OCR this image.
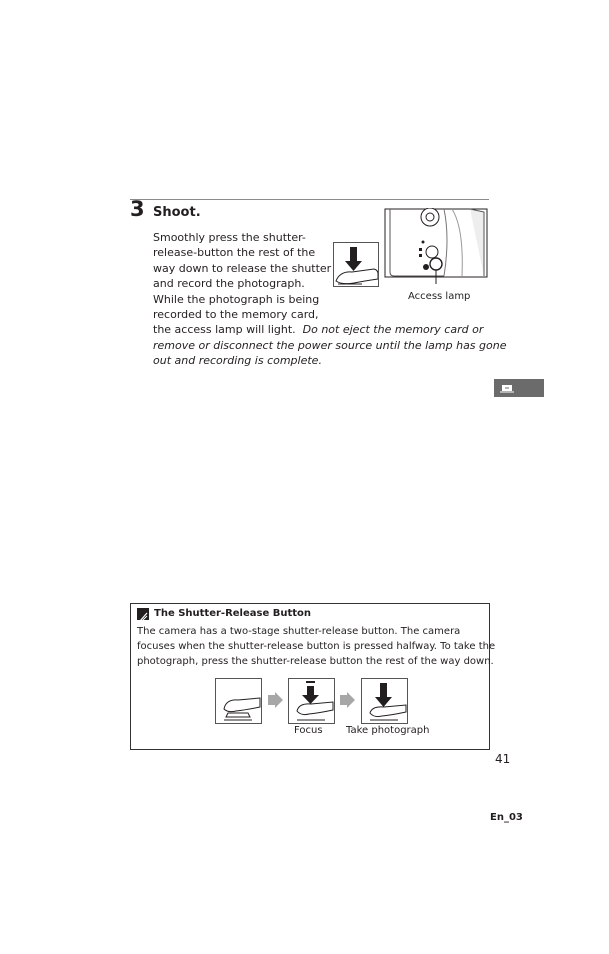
3 Shoot.
Smoothly press the shutter-
release-button the rest of the
way down to release the shutter
and record the photograph.
While the photograph is being
recorded to the memory card,
the access lamp will light. Do not eject the memory card or
remove or disconnect the power source until the lamp has gone
out and recording is complete.
Access lamp
The Shutter-Release Button
The camera has a two-stage shutter-release button. The camera
focuses when the shutter-release button is pressed halfway. To take the
photograph, press the shutter-release button the rest of the way down.
Focus Take photograph
41
En_03
